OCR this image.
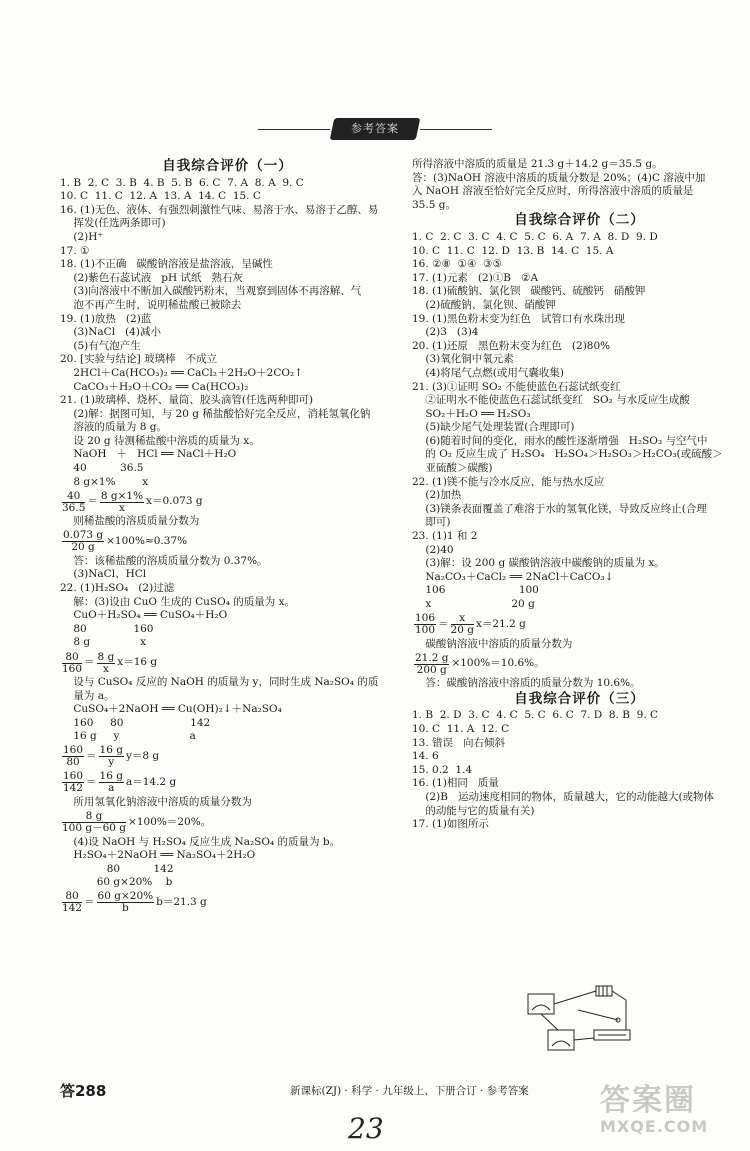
参考答案
自我综合评价（一）
1. B  2. C  3. B  4. B  5. B  6. C  7. A  8. A  9. C
10. C  11. C  12. A  13. A  14. C  15. C
16. (1)无色、液体、有强烈刺激性气味、易溶于水、易溶于乙醇、易
挥发(任选两条即可)
(2)H⁺
17. ①
18. (1)不正确   碳酸钠溶液是盐溶液，呈碱性
(2)紫色石蕊试液   pH 试纸   熟石灰
(3)向溶液中不断加入碳酸钙粉末，当观察到固体不再溶解、气
泡不再产生时，说明稀盐酸已被除去
19. (1)放热   (2)蓝
(3)NaCl   (4)减小
(5)有气泡产生
20. [实验与结论] 玻璃棒   不成立
2HCl＋Ca(HCO₃)₂ ══ CaCl₂＋2H₂O＋2CO₂↑
CaCO₃＋H₂O＋CO₂ ══ Ca(HCO₃)₂
21. (1)玻璃棒、烧杯、量筒、胶头滴管(任选两种即可)
(2)解：据图可知，与 20 g 稀盐酸恰好完全反应，消耗氢氧化钠
溶液的质量为 8 g。
设 20 g 待测稀盐酸中溶质的质量为 x。
NaOH   ＋   HCl ══ NaCl＋H₂O
40          36.5
8 g×1%        x
$\frac{40}{36.5} = \frac{8 g\times 1\%}{x} x=0.073$ g
则稀盐酸的溶质质量分数为
$\frac{0.073 g}{20 g} \times 100\%\approx 0.37\%$
答：该稀盐酸的溶质质量分数为 0.37%。
(3)NaCl、HCl
22. (1)H₂SO₄   (2)过滤
解：(3)设由 CuO 生成的 CuSO₄ 的质量为 x。
CuO＋H₂SO₄ ══ CuSO₄＋H₂O
80              160
8 g               x
$\frac{80}{160} = \frac{8 g}{x} x=16$ g
设与 CuSO₄ 反应的 NaOH 的质量为 y，同时生成 Na₂SO₄ 的质
量为 a。
CuSO₄＋2NaOH ══ Cu(OH)₂↓＋Na₂SO₄
160     80                    142
16 g     y                     a
$\frac{160}{80} = \frac{16 g}{y} y=8$ g
$\frac{160}{142} = \frac{16 g}{a} a=14.2$ g
所用氢氧化钠溶液中溶质的质量分数为
$\frac{8 g}{100 g-60 g} \times 100\%=20\%$。
(4)设 NaOH 与 H₂SO₄ 反应生成 Na₂SO₄ 的质量为 b。
H₂SO₄＋2NaOH ══ Na₂SO₄＋2H₂O
80          142
60 g×20%    b
$\frac{80}{142} = \frac{60 g\times 20\%}{b} b=21.3$ g
所得溶液中溶质的质量是 21.3 g＋14.2 g＝35.5 g。
答：(3)NaOH 溶液中溶质的质量分数是 20%；(4)C 溶液中加
入 NaOH 溶液至恰好完全反应时，所得溶液中溶质的质量是
35.5 g。
自我综合评价（二）
1. C  2. C  3. C  4. C  5. C  6. A  7. A  8. D  9. D
10. C  11. C  12. D  13. B  14. C  15. A
16. ②⑧  ①④  ③⑤
17. (1)元素   (2)①B   ②A
18. (1)硫酸钠、氯化钡   碳酸钙、硫酸钙   硝酸钾
(2)硫酸钠、氯化钡、硝酸钾
19. (1)黑色粉末变为红色   试管口有水珠出现
(2)3   (3)4
20. (1)还原   黑色粉末变为红色   (2)80%
(3)氧化铜中氧元素
(4)将尾气点燃(或用气囊收集)
21. (3)①证明 SO₂ 不能使蓝色石蕊试纸变红
②证明水不能使蓝色石蕊试纸变红   SO₂ 与水反应生成酸
SO₂＋H₂O ══ H₂SO₃
(5)缺少尾气处理装置(合理即可)
(6)随着时间的变化，雨水的酸性逐渐增强   H₂SO₃ 与空气中
的 O₂ 反应生成了 H₂SO₄   H₂SO₄＞H₂SO₃＞H₂CO₃(或硫酸＞
亚硫酸＞碳酸)
22. (1)镁不能与冷水反应，能与热水反应
(2)加热
(3)镁条表面覆盖了难溶于水的氢氧化镁，导致反应终止(合理
即可)
23. (1)1 和 2
(2)40
(3)解：设 200 g 碳酸钠溶液中碳酸钠的质量为 x。
Na₂CO₃＋CaCl₂ ══ 2NaCl＋CaCO₃↓
106                      100
x                        20 g
$\frac{106}{100} = \frac{x}{20 g} x=21.2$ g
碳酸钠溶液中溶质的质量分数为
$\frac{21.2 g}{200 g} \times 100\%=10.6\%$。
答：碳酸钠溶液中溶质的质量分数为 10.6%。
自我综合评价（三）
1. B  2. D  3. C  4. C  5. C  6. C  7. D  8. B  9. C
10. C  11. A  12. C
13. 错误   向右倾斜
14. 6
15. 0.2  1.4
16. (1)相同   质量
(2)B   运动速度相同的物体，质量越大，它的动能越大(或物体
的动能与它的质量有关)
17. (1)如图所示
答288	新课标(ZJ) · 科学 · 九年级上、下册合订 · 参考答案
23
答案圈
MXQE.COM
